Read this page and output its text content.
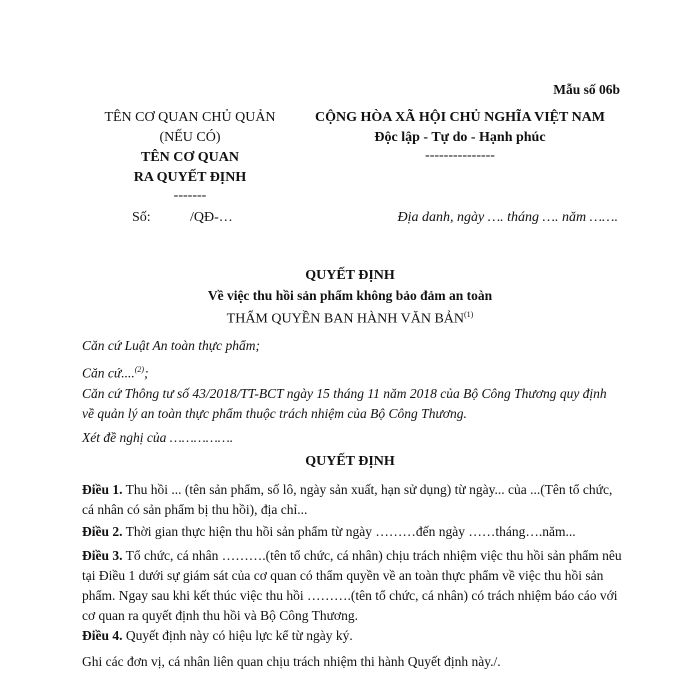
Mẫu số 06b
TÊN CƠ QUAN CHỦ QUẢN
(NẾU CÓ)
TÊN CƠ QUAN
RA QUYẾT ĐỊNH
-------
CỘNG HÒA XÃ HỘI CHỦ NGHĨA VIỆT NAM
Độc lập - Tự do - Hạnh phúc
---------------
Số:	/QĐ-…	Địa danh, ngày …. tháng …. năm …….
QUYẾT ĐỊNH
Về việc thu hồi sản phẩm không bảo đảm an toàn
THẨM QUYỀN BAN HÀNH VĂN BẢN$^{(1)}$
Căn cứ Luật An toàn thực phẩm;
Căn cứ....$^{(2)}$;
Căn cứ Thông tư số 43/2018/TT-BCT ngày 15 tháng 11 năm 2018 của Bộ Công Thương quy định về quản lý an toàn thực phẩm thuộc trách nhiệm của Bộ Công Thương.
Xét đề nghị của …………….
QUYẾT ĐỊNH
Điều 1. Thu hồi ... (tên sản phẩm, số lô, ngày sản xuất, hạn sử dụng) từ ngày... của ...(Tên tổ chức, cá nhân có sản phẩm bị thu hồi), địa chỉ...
Điều 2. Thời gian thực hiện thu hồi sản phẩm từ ngày ………đến ngày ……tháng….năm...
Điều 3. Tổ chức, cá nhân ……….(tên tổ chức, cá nhân) chịu trách nhiệm việc thu hồi sản phẩm nêu tại Điều 1 dưới sự giám sát của cơ quan có thẩm quyền về an toàn thực phẩm về việc thu hồi sản phẩm. Ngay sau khi kết thúc việc thu hồi ……….(tên tổ chức, cá nhân) có trách nhiệm báo cáo với cơ quan ra quyết định thu hồi và Bộ Công Thương.
Điều 4. Quyết định này có hiệu lực kể từ ngày ký.
Ghi các đơn vị, cá nhân liên quan chịu trách nhiệm thi hành Quyết định này./.
